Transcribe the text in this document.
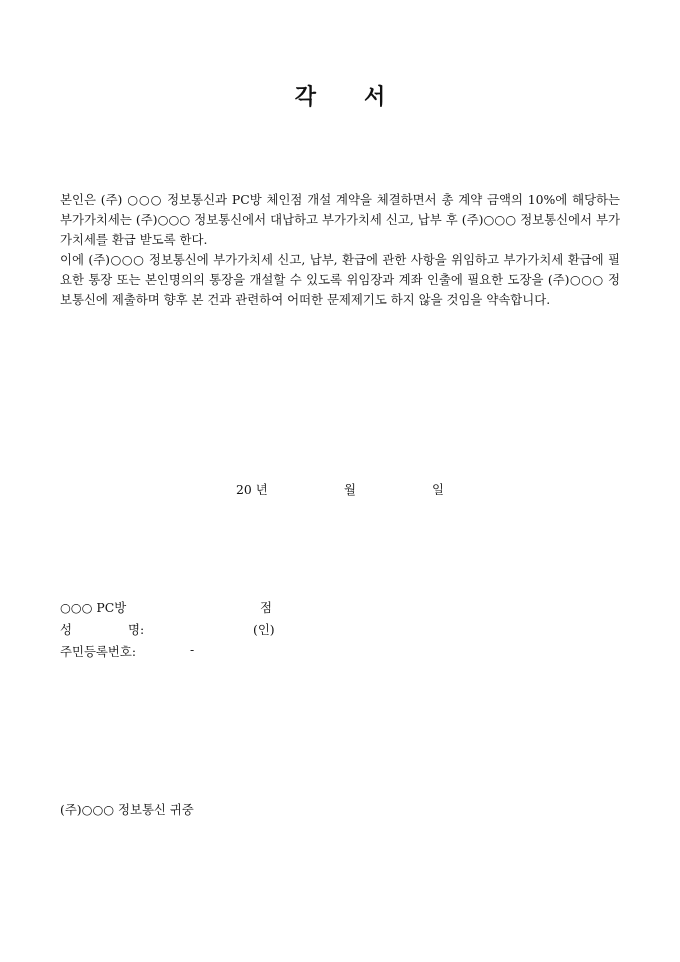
각 서

본인은 (주) ○○○ 정보통신과 PC방 체인점 개설 계약을 체결하면서 총 계약 금액의 10%에 해당하는 부가가치세는 (주)○○○ 정보통신에서 대납하고 부가가치세 신고, 납부 후 (주)○○○ 정보통신에서 부가가치세를 환급 받도록 한다.

이에 (주)○○○ 정보통신에 부가가치세 신고, 납부, 환급에 관한 사항을 위임하고 부가가치세 환급에 필요한 통장 또는 본인명의의 통장을 개설할 수 있도록 위임장과 계좌 인출에 필요한 도장을 (주)○○○ 정보통신에 제출하며 향후 본 건과 관련하여 어떠한 문제제기도 하지 않을 것임을 약속합니다.

20 년	월	일
○○○ PC방	점
성	명:	(인)
주민등록번호:	-
(주)○○○ 정보통신 귀중
